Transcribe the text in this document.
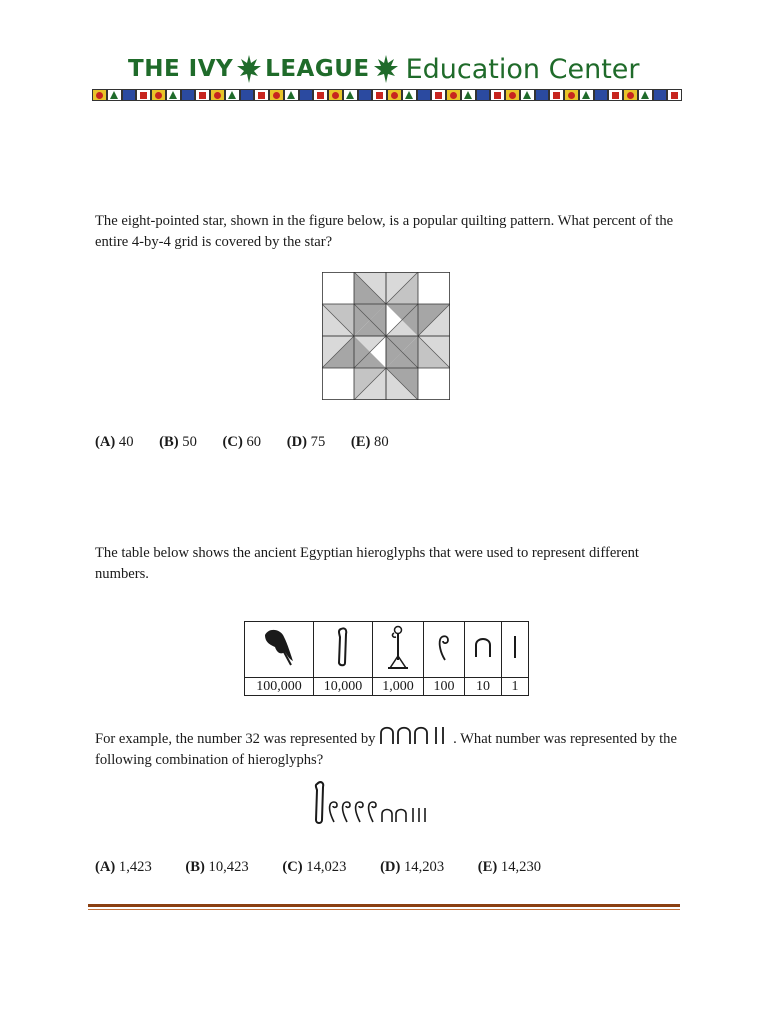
THE IVY LEAGUE Education Center
The eight-pointed star, shown in the figure below, is a popular quilting pattern. What percent of the entire 4-by-4 grid is covered by the star?
(A) 40 (B) 50 (C) 60 (D) 75 (E) 80
The table below shows the ancient Egyptian hieroglyphs that were used to represent different numbers.

100,000	10,000	1,000	100	10	1
For example, the number 32 was represented by	. What number was represented by the following combination of hieroglyphs?
(A) 1,423 (B) 10,423 (C) 14,023 (D) 14,203 (E) 14,230
